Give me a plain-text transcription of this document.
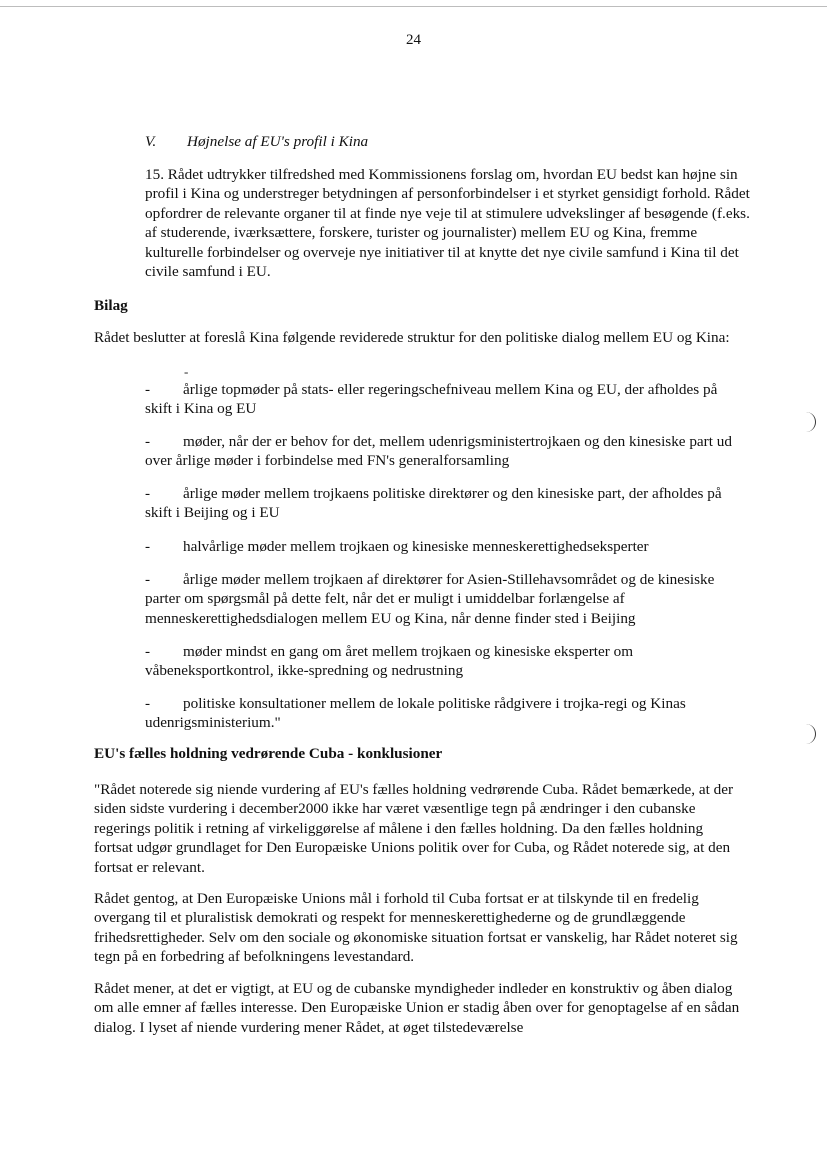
24
V. Højnelse af EU's profil i Kina
15. Rådet udtrykker tilfredshed med Kommissionens forslag om, hvordan EU bedst kan højne sin profil i Kina og understreger betydningen af personforbindelser i et styrket gensidigt forhold. Rådet opfordrer de relevante organer til at finde nye veje til at stimulere udvekslinger af besøgende (f.eks. af studerende, iværksættere, forskere, turister og journalister) mellem EU og Kina, fremme kulturelle forbindelser og overveje nye initiativer til at knytte det nye civile samfund i Kina til det civile samfund i EU.
Bilag
Rådet beslutter at foreslå Kina følgende reviderede struktur for den politiske dialog mellem EU og Kina:
-
- årlige topmøder på stats- eller regeringschefniveau mellem Kina og EU, der afholdes på skift i Kina og EU
- møder, når der er behov for det, mellem udenrigsministertrojkaen og den kinesiske part ud over årlige møder i forbindelse med FN's generalforsamling
- årlige møder mellem trojkaens politiske direktører og den kinesiske part, der afholdes på skift i Beijing og i EU
- halvårlige møder mellem trojkaen og kinesiske menneskerettighedseksperter
- årlige møder mellem trojkaen af direktører for Asien-Stillehavsområdet og de kinesiske parter om spørgsmål på dette felt, når det er muligt i umiddelbar forlængelse af menneskerettighedsdialogen mellem EU og Kina, når denne finder sted i Beijing
- møder mindst en gang om året mellem trojkaen og kinesiske eksperter om våbeneksportkontrol, ikke-spredning og nedrustning
- politiske konsultationer mellem de lokale politiske rådgivere i trojka-regi og Kinas udenrigsministerium."
EU's fælles holdning vedrørende Cuba - konklusioner
"Rådet noterede sig niende vurdering af EU's fælles holdning vedrørende Cuba. Rådet bemærkede, at der siden sidste vurdering i december2000 ikke har været væsentlige tegn på ændringer i den cubanske regerings politik i retning af virkeliggørelse af målene i den fælles holdning. Da den fælles holdning fortsat udgør grundlaget for Den Europæiske Unions politik over for Cuba, og Rådet noterede sig, at den fortsat er relevant.
Rådet gentog, at Den Europæiske Unions mål i forhold til Cuba fortsat er at tilskynde til en fredelig overgang til et pluralistisk demokrati og respekt for menneskerettighederne og de grundlæggende frihedsrettigheder. Selv om den sociale og økonomiske situation fortsat er vanskelig, har Rådet noteret sig tegn på en forbedring af befolkningens levestandard.
Rådet mener, at det er vigtigt, at EU og de cubanske myndigheder indleder en konstruktiv og åben dialog om alle emner af fælles interesse. Den Europæiske Union er stadig åben over for genoptagelse af en sådan dialog. I lyset af niende vurdering mener Rådet, at øget tilstedeværelse
